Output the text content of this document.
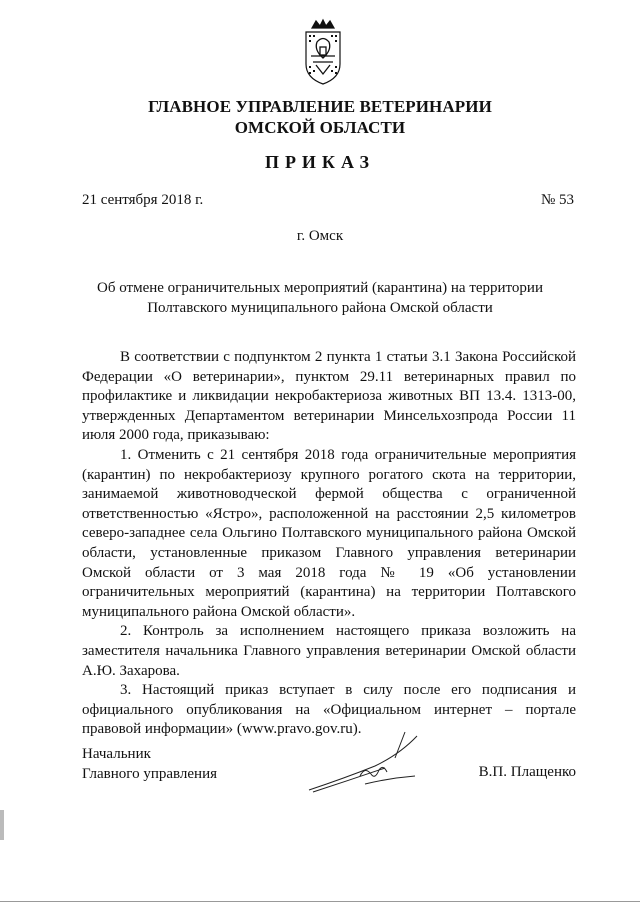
ГЛАВНОЕ УПРАВЛЕНИЕ ВЕТЕРИНАРИИ
ОМСКОЙ ОБЛАСТИ
ПРИКАЗ
21 сентября 2018 г.	№ 53
г. Омск
Об отмене ограничительных мероприятий (карантина) на территории
Полтавского муниципального района Омской области

В соответствии с подпунктом 2 пункта 1 статьи 3.1 Закона Российской Федерации «О ветеринарии», пунктом 29.11 ветеринарных правил по профилактике и ликвидации некробактериоза животных ВП 13.4. 1313-00, утвержденных Департаментом ветеринарии Минсельхозпрода России 11 июля 2000 года, приказываю:

1. Отменить с 21 сентября 2018 года ограничительные мероприятия (карантин) по некробактериозу крупного рогатого скота на территории, занимаемой животноводческой фермой общества с ограниченной ответственностью «Ястро», расположенной на расстоянии 2,5 километров северо-западнее села Ольгино Полтавского муниципального района Омской области, установленные приказом Главного управления ветеринарии Омской области от 3 мая 2018 года № 19 «Об установлении ограничительных мероприятий (карантина) на территории Полтавского муниципального района Омской области».

2. Контроль за исполнением настоящего приказа возложить на заместителя начальника Главного управления ветеринарии Омской области А.Ю. Захарова.

3. Настоящий приказ вступает в силу после его подписания и официального опубликования на «Официальном интернет – портале правовой информации» (www.pravo.gov.ru).

Начальник
Главного управления	В.П. Плащенко
